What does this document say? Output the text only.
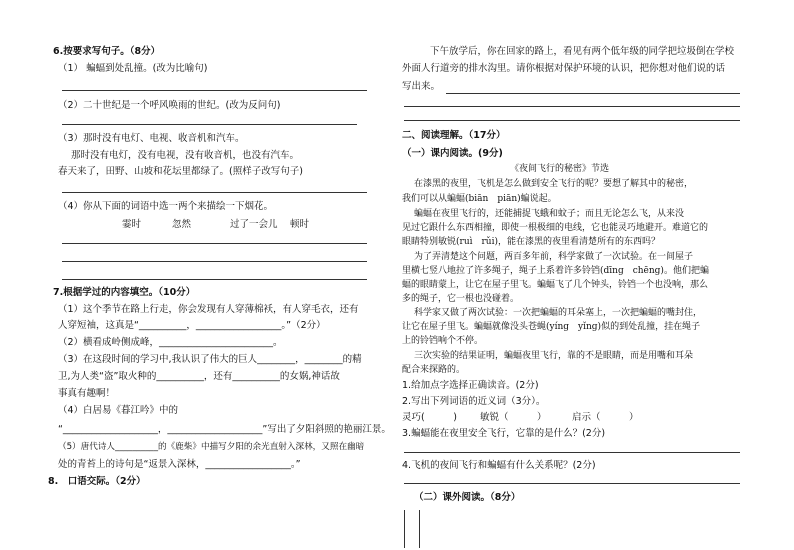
6.按要求写句子。（8分）
（1） 蝙蝠到处乱撞。(改为比喻句)
（2）二十世纪是一个呼风唤雨的世纪。(改为反问句)
（3）那时没有电灯、电视、收音机和汽车。
那时没有电灯，没有电视，没有收音机，也没有汽车。
春天来了，田野、山坡和花坛里都绿了。(照样子改写句子)
（4）你从下面的词语中选一两个来描绘一下烟花。
霎时	忽然	过了一会儿 顿时
7.根据学过的内容填空。（10分）
（1）这个季节在路上行走，你会发现有人穿薄棉袄，有人穿毛衣，还有
人穿短袖，这真是“__________，__________________。”（2分）
（2）横看成岭侧成峰，________________________。
（3）在这段时间的学习中,我认识了伟大的巨人________，________的精
卫,为人类“盗”取火种的__________，还有__________的女娲,神话故
事真有趣啊！
（4）白居易《暮江吟》中的
“____________________，____________________”写出了夕阳斜照的艳丽江景。
（5）唐代诗人__________的《鹿柴》中描写夕阳的余光直射入深林，又照在幽暗
处的青苔上的诗句是“返景入深林，__________________。”
8.　口语交际。（2分）
下午放学后，你在回家的路上，看见有两个低年级的同学把垃圾倒在学校
外面人行道旁的排水沟里。请你根据对保护环境的认识，把你想对他们说的话
写出来。
二、阅读理解。（17分）
（一）课内阅读。(9分)
《夜间飞行的秘密》节选
在漆黑的夜里，飞机是怎么做到安全飞行的呢？要想了解其中的秘密，
我们可以从蝙蝠(biān　piān)蝙说起。
蝙蝠在夜里飞行的，还能捕捉飞蛾和蚊子；而且无论怎么飞，从来没
见过它跟什么东西相撞，即使一根极细的电线，它也能灵巧地避开。难道它的
眼睛特别敏锐(ruì　rǔi)，能在漆黑的夜里看清楚所有的东西吗？
为了弄清楚这个问题，两百多年前，科学家做了一次试验。在一间屋子
里横七竖八地拉了许多绳子，绳子上系着许多铃铛(dīng　chēng)。他们把蝙
蝠的眼睛蒙上，让它在屋子里飞。蝙蝠飞了几个钟头，铃铛一个也没响，那么
多的绳子，它一根也没碰着。
科学家又做了两次试验：一次把蝙蝠的耳朵塞上，一次把蝙蝠的嘴封住，
让它在屋子里飞。蝙蝠就像没头苍蝇(yíng　yǐng)似的到处乱撞，挂在绳子
上的铃铛响个不停。
三次实验的结果证明，蝙蝠夜里飞行，靠的不是眼睛，而是用嘴和耳朵
配合来探路的。
1.给加点字选择正确读音。(2分)
2.写出下列词语的近义词（3分）。
灵巧(　　　) 敏锐（　　　）	启示（　　　）
3.蝙蝠能在夜里安全飞行，它靠的是什么？(2分)
4.飞机的夜间飞行和蝙蝠有什么关系呢？(2分)
（二）课外阅读。（8分）
